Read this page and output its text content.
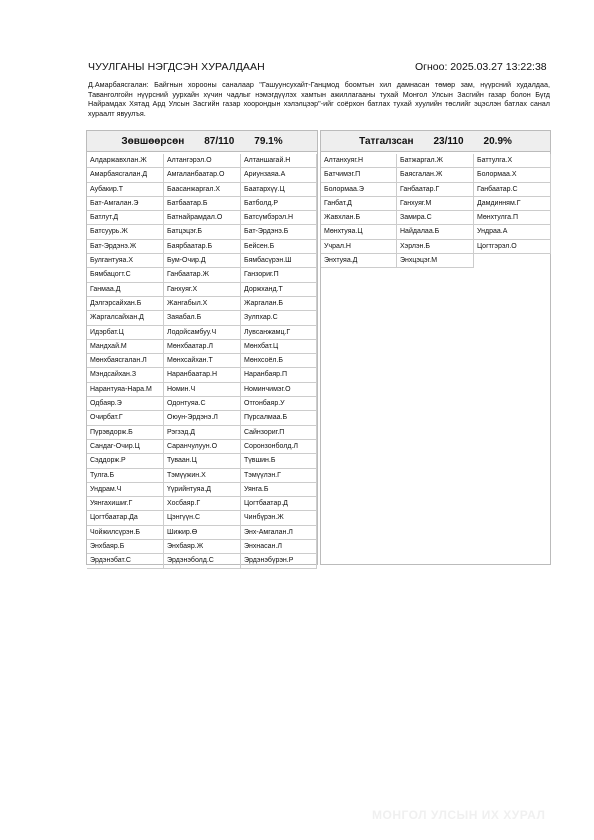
ЧУУЛГАНЫ НЭГДСЭН ХУРАЛДААН	Огноо: 2025.03.27 13:22:38
Д.Амарбаясгалан: Байгнын хорооны саналаар "Гашуунсухайт-Ганцмод боомтын хил дамнасан төмөр зам, нүүрсний худалдаа, Таванголгойн нүүрсний уурхайн хүчин чадлыг нэмэгдүүлэх хамтын ажиллагааны тухай Монгол Улсын Засгийн газар болон Бүгд Найрамдах Хятад Ард Улсын Засгийн газар хоорондын хэлэлцээр"-ийг соёрхон батлах тухай хуулийн төслийг эцэслэн батлах санал хураалт явуулъя.
Зөвшөөрсөн 87/110 79.1%
Алдаржавхлан.Ж	Алтангэрэл.О	Алтаншагай.Н
Амарбаясгалан.Д	Амгаланбаатар.О	Ариунзаяа.А
Аубакир.Т	Баасанжаргал.Х	Баатархүү.Ц
Бат-Амгалан.Э	Батбаатар.Б	Батболд.Р
Батлут.Д	Батнайрамдал.О	Батсүмбэрэл.Н
Батсуурь.Ж	Батцэцэг.Б	Бат-Эрдэнэ.Б
Бат-Эрдэнэ.Ж	Баярбаатар.Б	Бейсен.Б
Булгантуяа.Х	Бум-Очир.Д	Бямбасүрэн.Ш
Бямбацогт.С	Ганбаатар.Ж	Ганзориг.П
Ганмаа.Д	Ганхуяг.Х	Доржханд.Т
Дэлгэрсайхан.Б	Жангабыл.Х	Жаргалан.Б
Жаргалсайхан.Д	Заяабал.Б	Зулпхар.С
Идэрбат.Ц	Лодойсамбуу.Ч	Лувсанжамц.Г
Мандхай.М	Мөнхбаатар.Л	Мөнхбат.Ц
Мөнхбаясгалан.Л	Мөнхсайхан.Т	Мөнхсоёл.Б
Мэндсайхан.З	Наранбаатар.Н	Наранбаяр.П
Нарантуяа-Нара.М	Номин.Ч	Номинчимэг.О
Одбаяр.Э	Одонтуяа.С	Отгонбаяр.У
Очирбат.Г	Оюун-Эрдэнэ.Л	Пүрсалмаа.Б
Пүрэвдорж.Б	Рэгзэд.Д	Сайнзориг.П
Сандаг-Очир.Ц	Саранчулуун.О	Соронзонболд.Л
Сэддорж.Р	Туваан.Ц	Түвшин.Б
Тулга.Б	Тэмүүжин.Х	Тэмүүлэн.Г
Ундрам.Ч	Үүрийнтуяа.Д	Уянга.Б
Уянгахишиг.Г	Хосбаяр.Г	Цогтбаатар.Д
Цогтбаатар.Да	Цэнгүүн.С	Чинбүрэн.Ж
Чойжилсүрэн.Б	Шижир.Ө	Энх-Амгалан.Л
Энхбаяр.Б	Энхбаяр.Ж	Энхнасан.Л
Эрдэнэбат.С	Эрдэнэболд.С	Эрдэнэбүрэн.Р
Татгалзсан 23/110 20.9%
Алтанхуяг.Н	Батжаргал.Ж	Баттулга.Х
Батчимэг.П	Баясгалан.Ж	Болормаа.Х
Болормаа.Э	Ганбаатар.Г	Ганбаатар.С
Ганбат.Д	Ганхуяг.М	Дамдинням.Г
Жавхлан.Б	Замира.С	Мөнхтулга.П
Мөнхтуяа.Ц	Найдалаа.Б	Ундраа.А
Учрал.Н	Хэрлэн.Б	Цогтгэрэл.О
Энхтуяа.Д	Энхцэцэг.М
МОНГОЛ УЛСЫН ИХ ХУРАЛ
